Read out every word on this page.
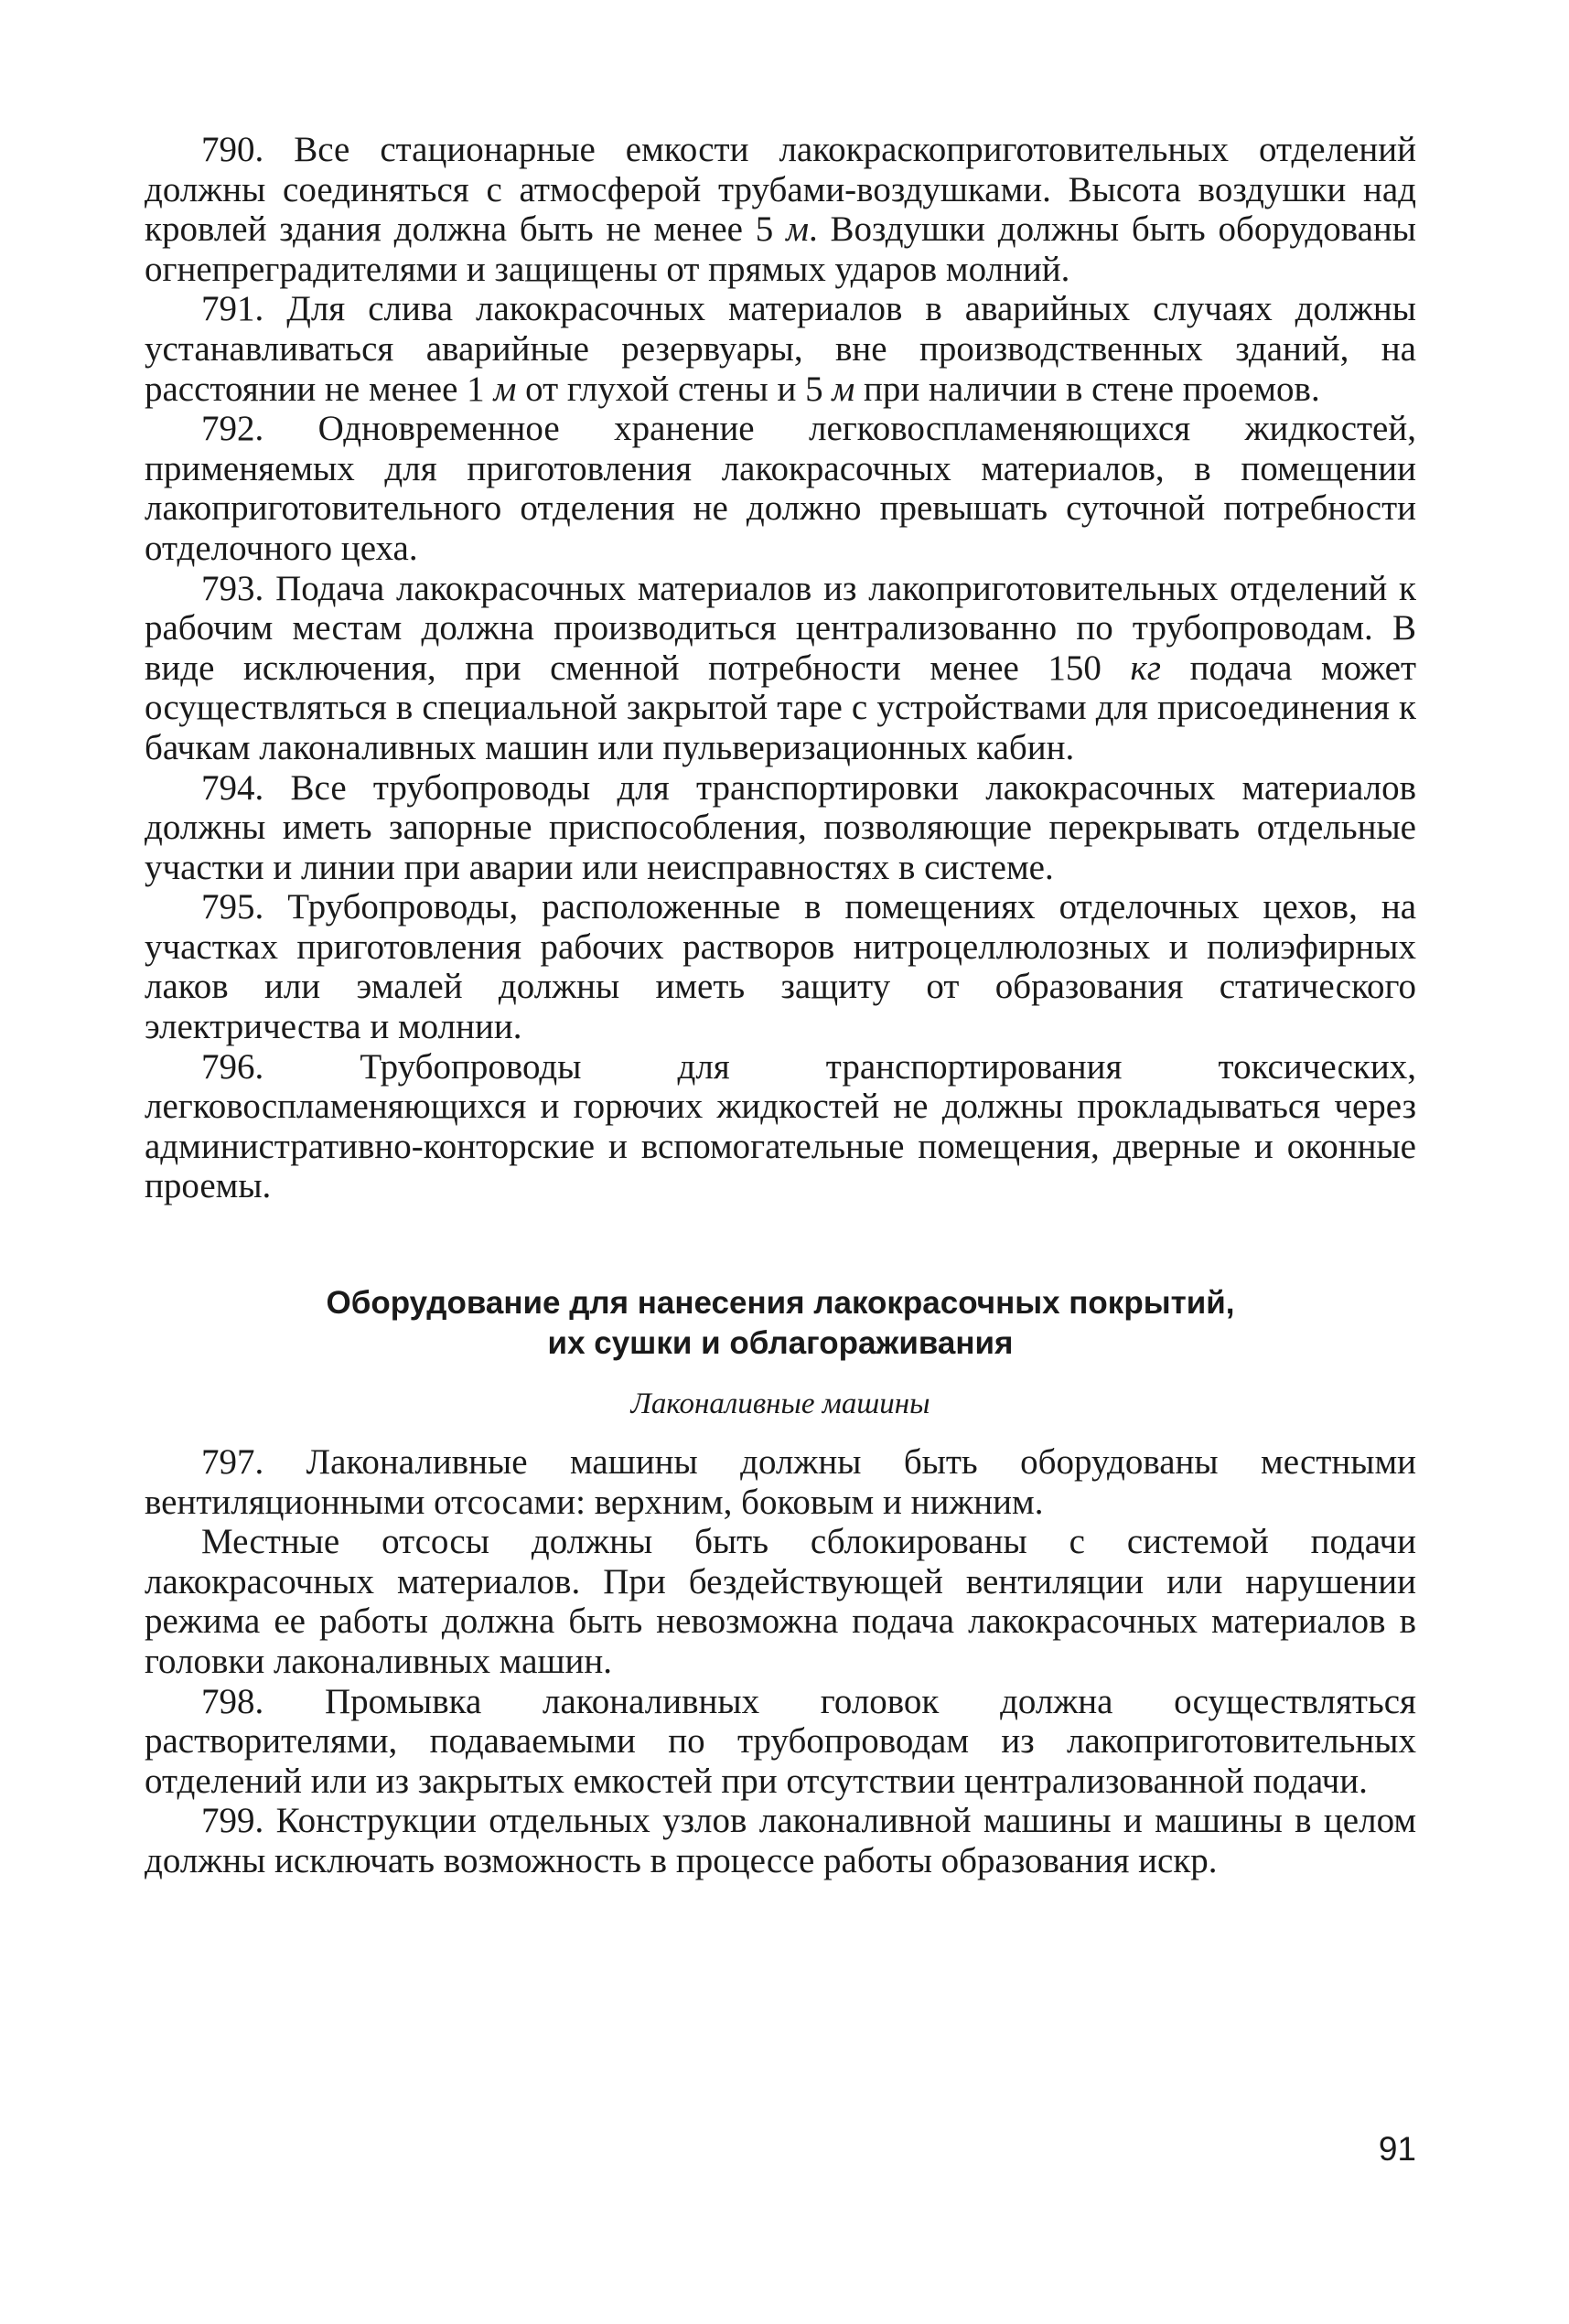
790. Все стационарные емкости лакокраскоприготовительных отделений должны соединяться с атмосферой трубами-воздушками. Высота воздушки над кровлей здания должна быть не менее 5 м. Воздушки должны быть оборудованы огнепреградителями и защищены от прямых ударов молний.

791. Для слива лакокрасочных материалов в аварийных случаях должны устанавливаться аварийные резервуары, вне производственных зданий, на расстоянии не менее 1 м от глухой стены и 5 м при наличии в стене проемов.

792. Одновременное хранение легковоспламеняющихся жидкостей, применяемых для приготовления лакокрасочных материалов, в помещении лакоприготовительного отделения не должно превышать суточной потребности отделочного цеха.

793. Подача лакокрасочных материалов из лакоприготовительных отделений к рабочим местам должна производиться централизованно по трубопроводам. В виде исключения, при сменной потребности менее 150 кг подача может осуществляться в специальной закрытой таре с устройствами для присоединения к бачкам лаконаливных машин или пульверизационных кабин.

794. Все трубопроводы для транспортировки лакокрасочных материалов должны иметь запорные приспособления, позволяющие перекрывать отдельные участки и линии при аварии или неисправностях в системе.

795. Трубопроводы, расположенные в помещениях отделочных цехов, на участках приготовления рабочих растворов нитроцеллюлозных и полиэфирных лаков или эмалей должны иметь защиту от образования статического электричества и молнии.

796. Трубопроводы для транспортирования токсических, легковоспламеняющихся и горючих жидкостей не должны прокладываться через административно-конторские и вспомогательные помещения, дверные и оконные проемы.

Оборудование для нанесения лакокрасочных покрытий,
их сушки и облагораживания
Лаконаливные машины

797. Лаконаливные машины должны быть оборудованы местными вентиляционными отсосами: верхним, боковым и нижним.

Местные отсосы должны быть сблокированы с системой подачи лакокрасочных материалов. При бездействующей вентиляции или нарушении режима ее работы должна быть невозможна подача лакокрасочных материалов в головки лаконаливных машин.

798. Промывка лаконаливных головок должна осуществляться растворителями, подаваемыми по трубопроводам из лакоприготовительных отделений или из закрытых емкостей при отсутствии централизованной подачи.

799. Конструкции отдельных узлов лаконаливной машины и машины в целом должны исключать возможность в процессе работы образования искр.

91
